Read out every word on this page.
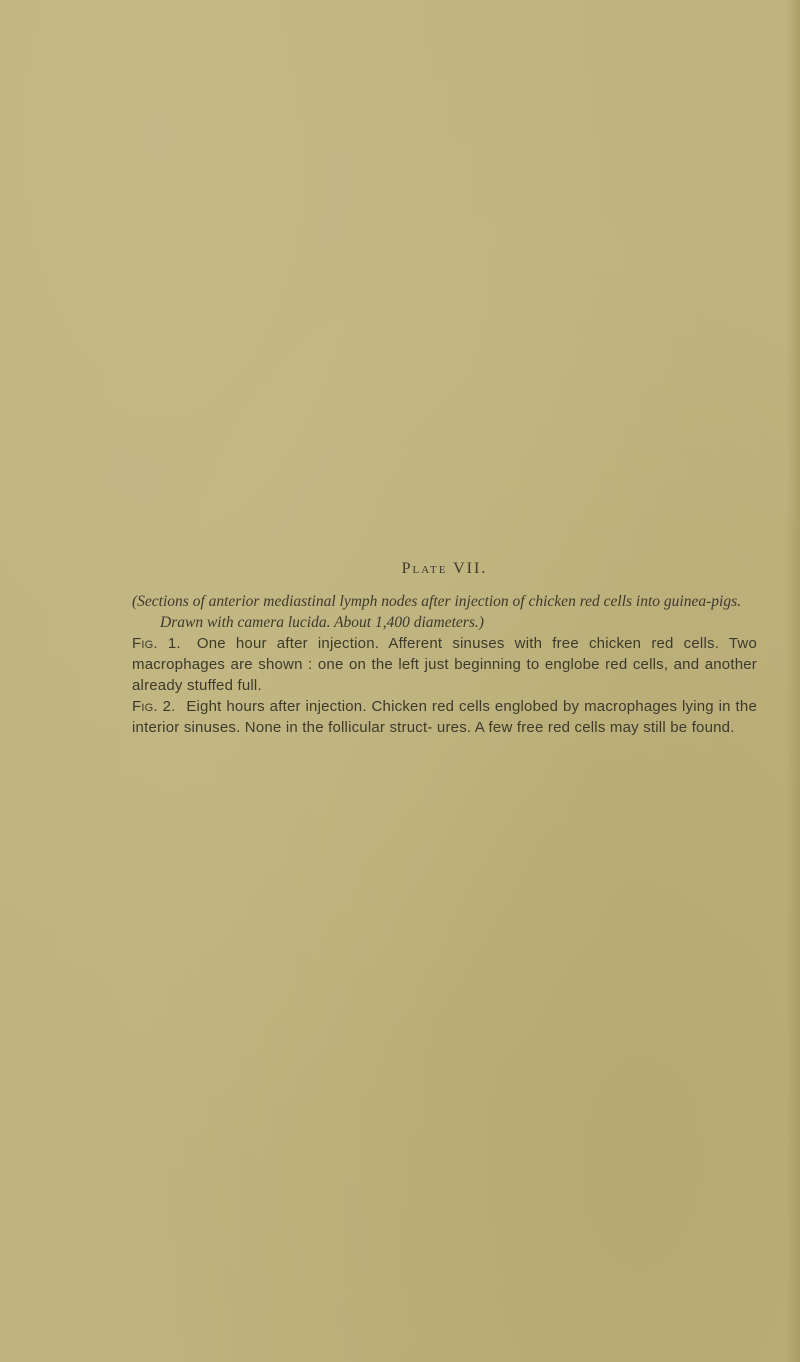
Plate VII.

(Sections of anterior mediastinal lymph nodes after injection of chicken red cells into guinea-pigs. Drawn with camera lucida. About 1,400 diameters.)

Fig. 1. One hour after injection. Afferent sinuses with free chicken red cells. Two macrophages are shown : one on the left just beginning to englobe red cells, and another already stuffed full.

Fig. 2. Eight hours after injection. Chicken red cells englobed by macrophages lying in the interior sinuses. None in the follicular struct- ures. A few free red cells may still be found.
